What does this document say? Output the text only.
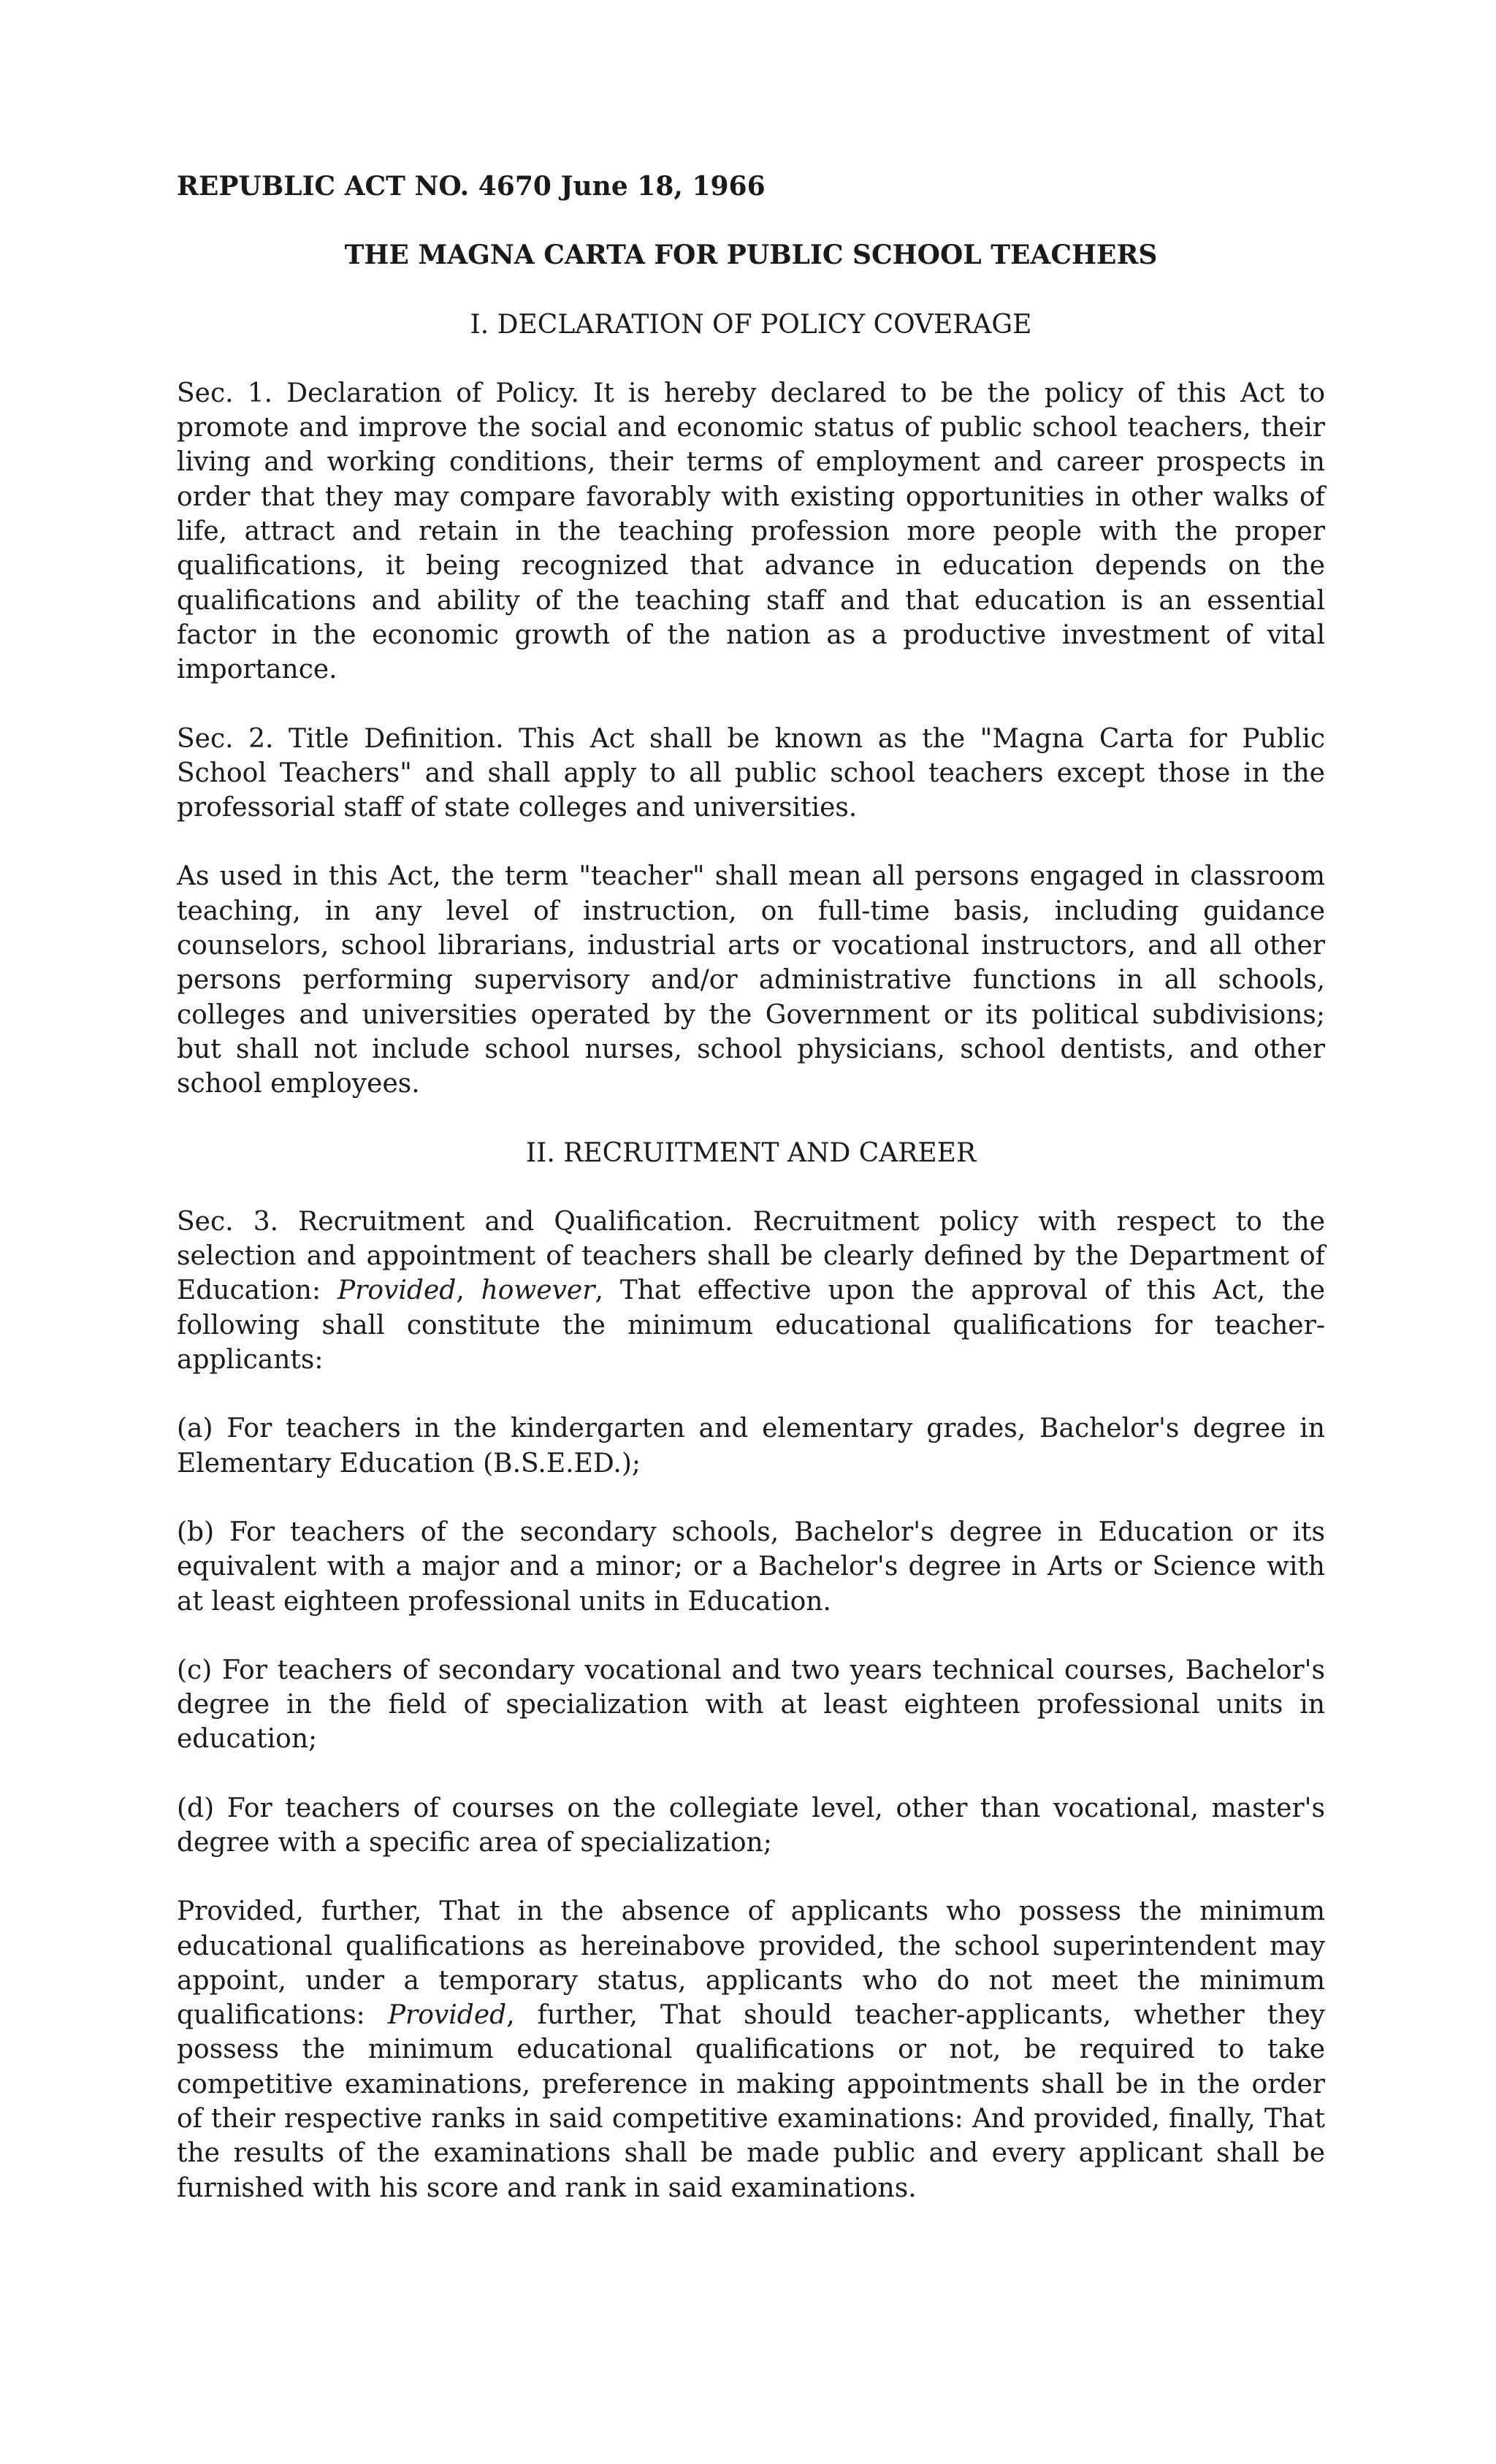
REPUBLIC ACT NO. 4670 June 18, 1966

THE MAGNA CARTA FOR PUBLIC SCHOOL TEACHERS

I. DECLARATION OF POLICY COVERAGE

Sec. 1. Declaration of Policy. It is hereby declared to be the policy of this Act to promote and improve the social and economic status of public school teachers, their living and working conditions, their terms of employment and career prospects in order that they may compare favorably with existing opportunities in other walks of life, attract and retain in the teaching profession more people with the proper qualifications, it being recognized that advance in education depends on the qualifications and ability of the teaching staff and that education is an essential factor in the economic growth of the nation as a productive investment of vital importance.

Sec. 2. Title Definition. This Act shall be known as the "Magna Carta for Public School Teachers" and shall apply to all public school teachers except those in the professorial staff of state colleges and universities.

As used in this Act, the term "teacher" shall mean all persons engaged in classroom teaching, in any level of instruction, on full-time basis, including guidance counselors, school librarians, industrial arts or vocational instructors, and all other persons performing supervisory and/or administrative functions in all schools, colleges and universities operated by the Government or its political subdivisions; but shall not include school nurses, school physicians, school dentists, and other school employees.

II. RECRUITMENT AND CAREER

Sec. 3. Recruitment and Qualification. Recruitment policy with respect to the selection and appointment of teachers shall be clearly defined by the Department of Education: Provided, however, That effective upon the approval of this Act, the following shall constitute the minimum educational qualifications for teacher-applicants:

(a) For teachers in the kindergarten and elementary grades, Bachelor's degree in Elementary Education (B.S.E.ED.);

(b) For teachers of the secondary schools, Bachelor's degree in Education or its equivalent with a major and a minor; or a Bachelor's degree in Arts or Science with at least eighteen professional units in Education.

(c) For teachers of secondary vocational and two years technical courses, Bachelor's degree in the field of specialization with at least eighteen professional units in education;

(d) For teachers of courses on the collegiate level, other than vocational, master's degree with a specific area of specialization;

Provided, further, That in the absence of applicants who possess the minimum educational qualifications as hereinabove provided, the school superintendent may appoint, under a temporary status, applicants who do not meet the minimum qualifications: Provided, further, That should teacher-applicants, whether they possess the minimum educational qualifications or not, be required to take competitive examinations, preference in making appointments shall be in the order of their respective ranks in said competitive examinations: And provided, finally, That the results of the examinations shall be made public and every applicant shall be furnished with his score and rank in said examinations.
